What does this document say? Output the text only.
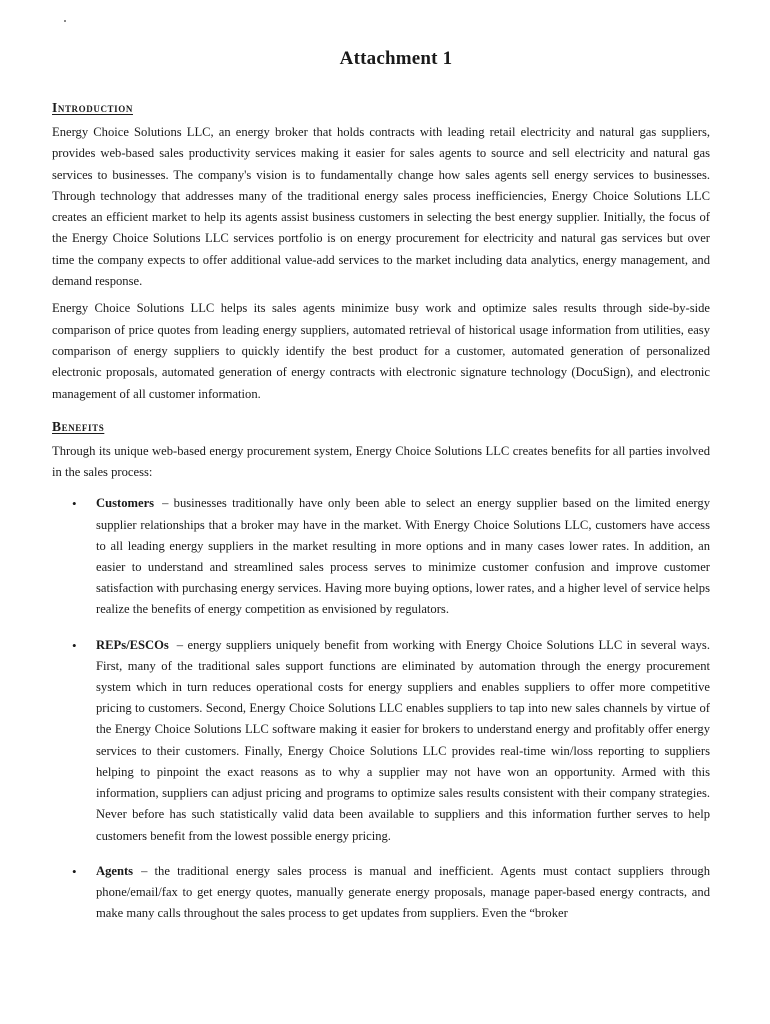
Attachment 1
Introduction

Energy Choice Solutions LLC, an energy broker that holds contracts with leading retail electricity and natural gas suppliers, provides web-based sales productivity services making it easier for sales agents to source and sell electricity and natural gas services to businesses. The company's vision is to fundamentally change how sales agents sell energy services to businesses. Through technology that addresses many of the traditional energy sales process inefficiencies, Energy Choice Solutions LLC creates an efficient market to help its agents assist business customers in selecting the best energy supplier. Initially, the focus of the Energy Choice Solutions LLC services portfolio is on energy procurement for electricity and natural gas services but over time the company expects to offer additional value-add services to the market including data analytics, energy management, and demand response.

Energy Choice Solutions LLC helps its sales agents minimize busy work and optimize sales results through side-by-side comparison of price quotes from leading energy suppliers, automated retrieval of historical usage information from utilities, easy comparison of energy suppliers to quickly identify the best product for a customer, automated generation of personalized electronic proposals, automated generation of energy contracts with electronic signature technology (DocuSign), and electronic management of all customer information.

Benefits

Through its unique web-based energy procurement system, Energy Choice Solutions LLC creates benefits for all parties involved in the sales process:

• Customers – businesses traditionally have only been able to select an energy supplier based on the limited energy supplier relationships that a broker may have in the market. With Energy Choice Solutions LLC, customers have access to all leading energy suppliers in the market resulting in more options and in many cases lower rates. In addition, an easier to understand and streamlined sales process serves to minimize customer confusion and improve customer satisfaction with purchasing energy services. Having more buying options, lower rates, and a higher level of service helps realize the benefits of energy competition as envisioned by regulators.
• REPs/ESCOs – energy suppliers uniquely benefit from working with Energy Choice Solutions LLC in several ways. First, many of the traditional sales support functions are eliminated by automation through the energy procurement system which in turn reduces operational costs for energy suppliers and enables suppliers to offer more competitive pricing to customers. Second, Energy Choice Solutions LLC enables suppliers to tap into new sales channels by virtue of the Energy Choice Solutions LLC software making it easier for brokers to understand energy and profitably offer energy services to their customers. Finally, Energy Choice Solutions LLC provides real-time win/loss reporting to suppliers helping to pinpoint the exact reasons as to why a supplier may not have won an opportunity. Armed with this information, suppliers can adjust pricing and programs to optimize sales results consistent with their company strategies. Never before has such statistically valid data been available to suppliers and this information further serves to help customers benefit from the lowest possible energy pricing.
• Agents – the traditional energy sales process is manual and inefficient. Agents must contact suppliers through phone/email/fax to get energy quotes, manually generate energy proposals, manage paper-based energy contracts, and make many calls throughout the sales process to get updates from suppliers. Even the “broker
